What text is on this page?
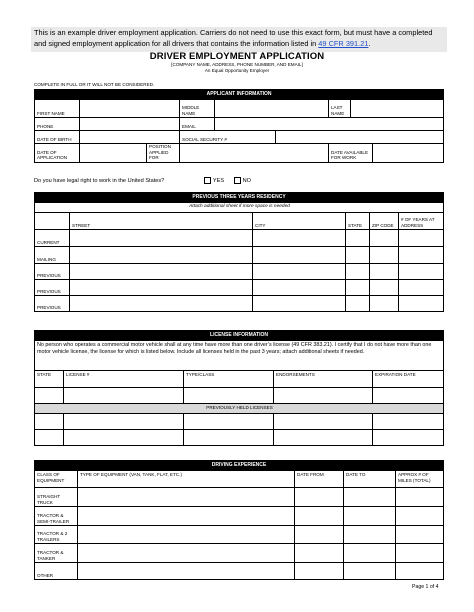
This is an example driver employment application. Carriers do not need to use this exact form, but must have a completed and signed employment application for all drivers that contains the information listed in 49 CFR 391.21.
DRIVER EMPLOYMENT APPLICATION
[COMPANY NAME, ADDRESS, PHONE NUMBER, AND EMAIL]
An Equal Opportunity Employer
COMPLETE IN FULL OR IT WILL NOT BE CONSIDERED.
APPLICANT INFORMATION								
FIRST NAME			MIDDLE NAME			LAST NAME		
PHONE			EMAIL					
DATE OF BIRTH			SOCIAL SECURITY #					
DATE OF APPLICATION		POSITION APPLIED FOR				DATE AVAILABLE FOR WORK		
Do you have legal right to work in the United States?	YES	NO
PREVIOUS THREE YEARS RESIDENCY					
Attach additional sheet if more space is needed					
	STREET	CITY	STATE	ZIP CODE	# OF YEARS AT ADDRESS
CURRENT					
MAILING					
PREVIOUS					
PREVIOUS					
PREVIOUS					
LICENSE INFORMATION				
No person who operates a commercial motor vehicle shall at any time have more than one driver’s license (49 CFR 383.21). I certify that I do not have more than one motor vehicle license, the license for which is listed below. Include all licenses held in the past 3 years; attach additional sheets if needed.				
STATE	LICENSE #	TYPE/CLASS	ENDORSEMENTS	EXPIRATION DATE

PREVIOUSLY HELD LICENSES				

DRIVING EXPERIENCE				
CLASS OF EQUIPMENT	TYPE OF EQUIPMENT (VAN, TANK, FLAT, ETC.)	DATE FROM	DATE TO	APPROX # OF MILES (TOTAL)
STRAIGHT TRUCK				
TRACTOR & SEMI-TRAILER				
TRACTOR & 2 TRAILERS				
TRACTOR & TANKER				
OTHER				
Page 1 of 4
